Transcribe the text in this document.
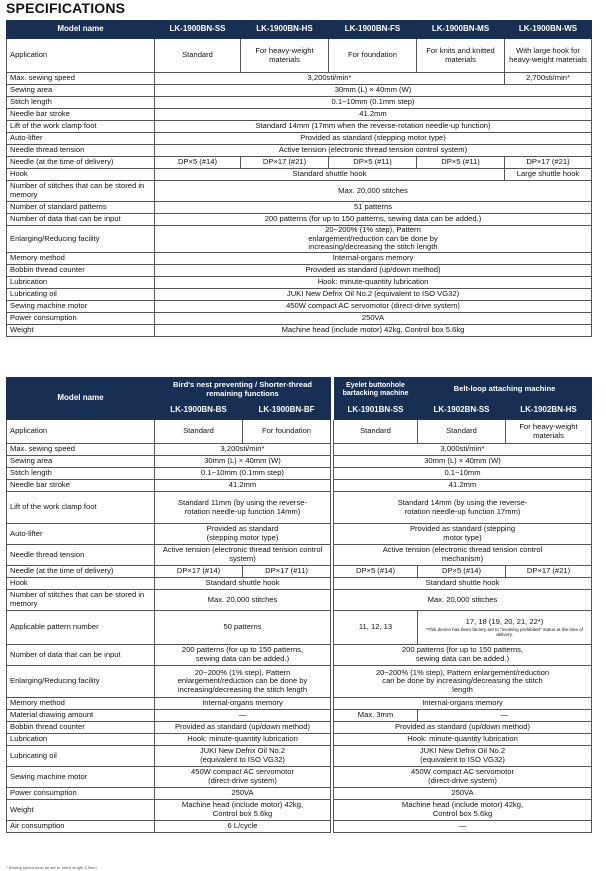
SPECIFICATIONS
Model name	LK-1900BN-SS	LK-1900BN-HS	LK-1900BN-FS	LK-1900BN-MS	LK-1900BN-WS
Application	Standard	For heavy-weight materials	For foundation	For knits and knitted materials	With large hook for heavy-weight materials
Max. sewing speed	3,200sti/min*				2,700sti/min*
Sewing area	30mm (L) × 40mm (W)				
Stitch length	0.1~10mm (0.1mm step)				
Needle bar stroke	41.2mm				
Lift of the work clamp foot	Standard 14mm (17mm when the reverse-rotation needle-up function)				
Auto-lifter	Provided as standard (stepping motor type)				
Needle thread tension	Active tension (electronic thread tension control system)				
Needle (at the time of delivery)	DP×5 (#14)	DP×17 (#21)	DP×5 (#11)	DP×5 (#11)	DP×17 (#21)
Hook	Standard shuttle hook				Large shuttle hook
Number of stitches that can be stored in memory	Max. 20,000 stitches				
Number of standard patterns	51 patterns				
Number of data that can be input	200 patterns (for up to 150 patterns, sewing data can be added.)				
Enlarging/Reducing facility	20~200% (1% step), Pattern enlargement/reduction can be done by increasing/decreasing the stitch length				
Memory method	Internal-organs memory				
Bobbin thread counter	Provided as standard (up/down method)				
Lubrication	Hook: minute-quantity lubrication				
Lubricating oil	JUKI New Defrix Oil No.2 (equivalent to ISO VG32)				
Sewing machine motor	450W compact AC servomotor (direct-drive system)				
Power consumption	250VA				
Weight	Machine head (include motor) 42kg, Control box 5.6kg				
Model name	Bird's nest preventing / Shorter-thread remaining functions			Eyelet buttonhole bartacking machine	Belt-loop attaching machine	
	LK-1900BN-BS	LK-1900BN-BF		LK-1901BN-SS	LK-1902BN-SS	LK-1902BN-HS
Application	Standard	For foundation		Standard	Standard	For heavy-weight materials
Max. sewing speed	3,200sti/min*			3,000sti/min*		
Sewing area	30mm (L) × 40mm (W)			30mm (L) × 40mm (W)		
Stitch length	0.1~10mm (0.1mm step)			0.1~10mm		
Needle bar stroke	41.2mm			41.2mm		
Lift of the work clamp foot	Standard 11mm (by using the reverse-rotation needle-up function 14mm)			Standard 14mm (by using the reverse-rotation needle-up function 17mm)		
Auto-lifter	Provided as standard (stepping motor type)			Provided as standard (stepping motor type)		
Needle thread tension	Active tension (electronic thread tension control system)			Active tension (electronic thread tension control mechanism)		
Needle (at the time of delivery)	DP×17 (#14)	DP×17 (#11)		DP×5 (#14)	DP×5 (#14)	DP×17 (#21)
Hook	Standard shuttle hook			Standard shuttle hook		
Number of stitches that can be stored in memory	Max. 20,000 stitches			Max. 20,000 stitches		
Applicable pattern number	50 patterns			11, 12, 13	17, 18 (19, 20, 21, 22*)
*This device has been factory-set to "invoking prohibited" status at the time of delivery.	

Number of data that can be input	200 patterns (for up to 150 patterns, sewing data can be added.)			200 patterns (for up to 150 patterns, sewing data can be added.)		
Enlarging/Reducing facility	20~200% (1% step), Pattern enlargement/reduction can be done by increasing/decreasing the stitch length			20~200% (1% step), Pattern enlargement/reduction can be done by increasing/decreasing the stitch length		
Memory method	Internal-organs memory			Internal-organs memory		
Material drawing amount	—			Max. 3mm	—	
Bobbin thread counter	Provided as standard (up/down method)			Provided as standard (up/down method)		
Lubrication	Hook: minute-quantity lubrication			Hook: minute-quantity lubrication		
Lubricating oil	JUKI New Defrix Oil No.2 (equivalent to ISO VG32)			JUKI New Defrix Oil No.2 (equivalent to ISO VG32)		
Sewing machine motor	450W compact AC servomotor (direct-drive system)			450W compact AC servomotor (direct-drive system)		
Power consumption	250VA			250VA		
Weight	Machine head (include motor) 42kg, Control box 5.6kg			Machine head (include motor) 42kg, Control box 5.6kg		
Air consumption	6 L/cycle			—		
* Sewing speed must be set to 'stitch length 3.5mm'.
